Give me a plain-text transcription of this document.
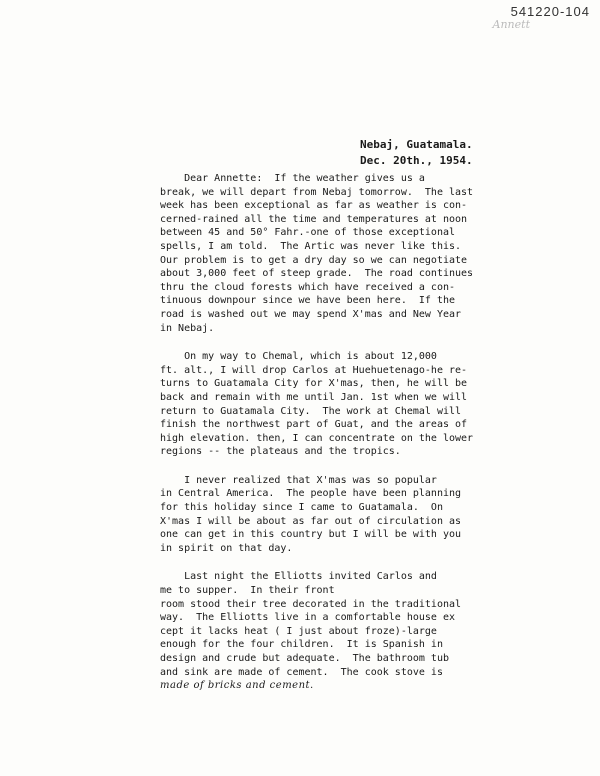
541220-104
Annett
Nebaj, Guatamala.
Dec. 20th., 1954.

Dear Annette:  If the weather gives us a
break, we will depart from Nebaj tomorrow.  The last
week has been exceptional as far as weather is con-
cerned-rained all the time and temperatures at noon
between 45 and 50° Fahr.-one of those exceptional
spells, I am told.  The Artic was never like this.
Our problem is to get a dry day so we can negotiate
about 3,000 feet of steep grade.  The road continues
thru the cloud forests which have received a con-
tinuous downpour since we have been here.  If the
road is washed out we may spend X'mas and New Year
in Nebaj.

On my way to Chemal, which is about 12,000
ft. alt., I will drop Carlos at Huehuetenago-he re-
turns to Guatamala City for X'mas, then, he will be
back and remain with me until Jan. 1st when we will
return to Guatamala City.  The work at Chemal will
finish the northwest part of Guat, and the areas of
high elevation. then, I can concentrate on the lower
regions -- the plateaus and the tropics.

I never realized that X'mas was so popular
in Central America.  The people have been planning
for this holiday since I came to Guatamala.  On
X'mas I will be about as far out of circulation as
one can get in this country but I will be with you
in spirit on that day.

Last night the Elliotts invited Carlos and
me to supper.  In their front
room stood their tree decorated in the traditional
way.  The Elliotts live in a comfortable house ex
cept it lacks heat ( I just about froze)-large
enough for the four children.  It is Spanish in
design and crude but adequate.  The bathroom tub
and sink are made of cement.  The cook stove is
made of bricks and cement.
